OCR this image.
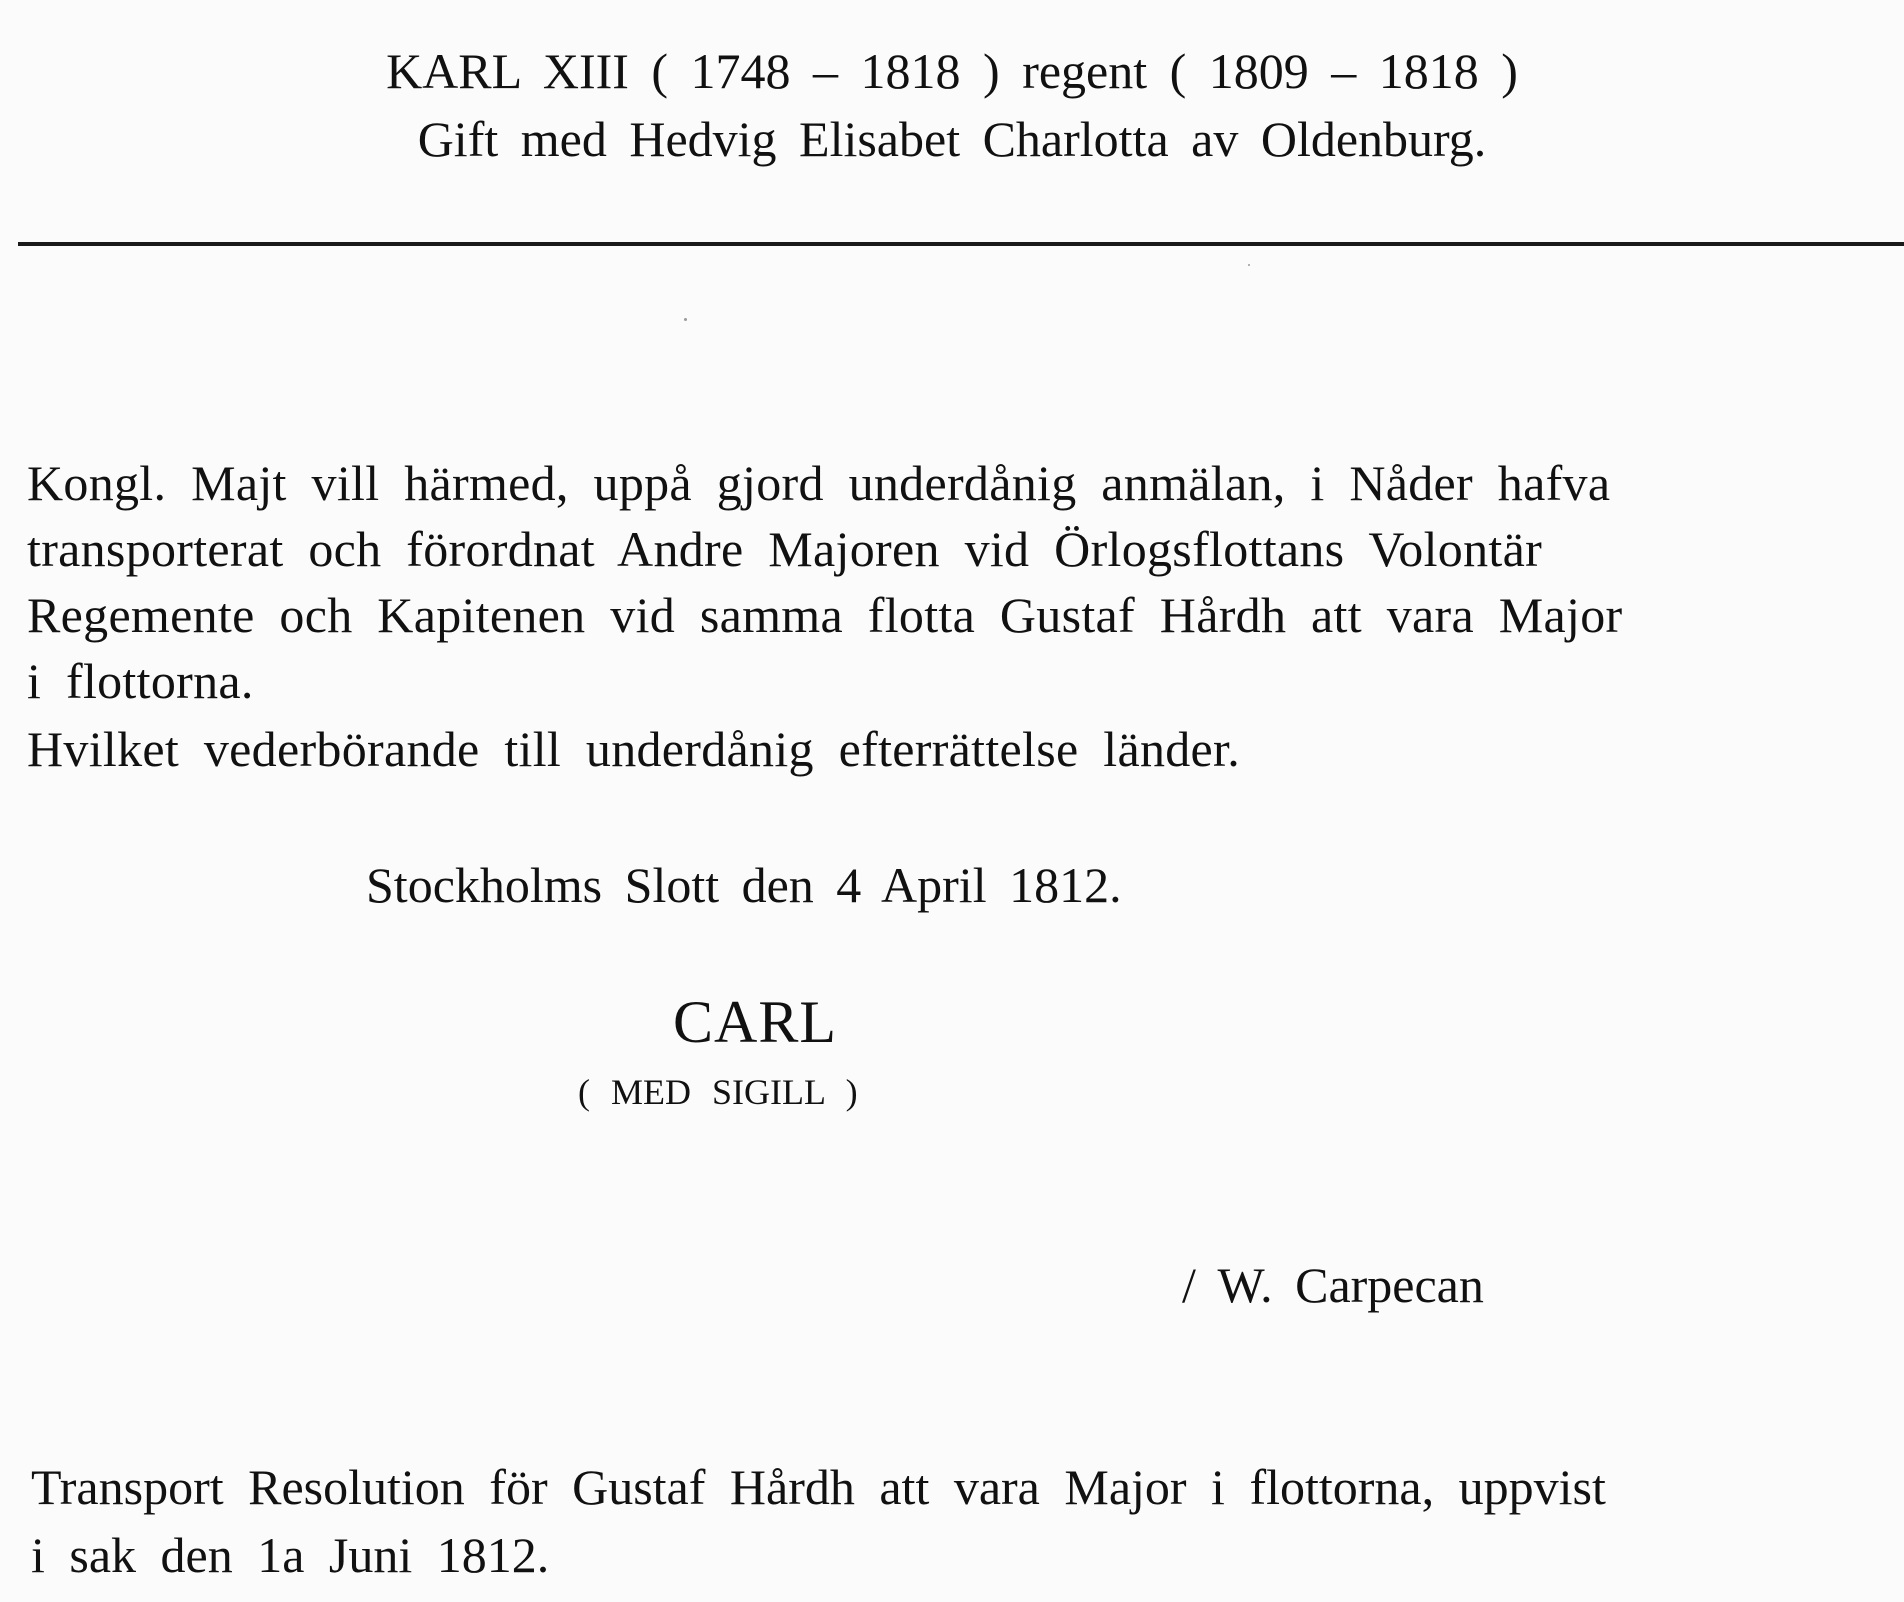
KARL XIII ( 1748 – 1818 ) regent ( 1809 – 1818 )
Gift med Hedvig Elisabet Charlotta av Oldenburg.
Kongl. Majt vill härmed, uppå gjord underdånig anmälan, i Nåder hafva
transporterat och förordnat Andre Majoren vid Örlogsflottans Volontär
Regemente och Kapitenen vid samma flotta Gustaf Hårdh att vara Major
i flottorna.
Hvilket vederbörande till underdånig efterrättelse länder.
Stockholms Slott den 4 April 1812.
CARL
( MED SIGILL )
/ W. Carpecan
Transport Resolution för Gustaf Hårdh att vara Major i flottorna, uppvist
i sak den 1a Juni 1812.
